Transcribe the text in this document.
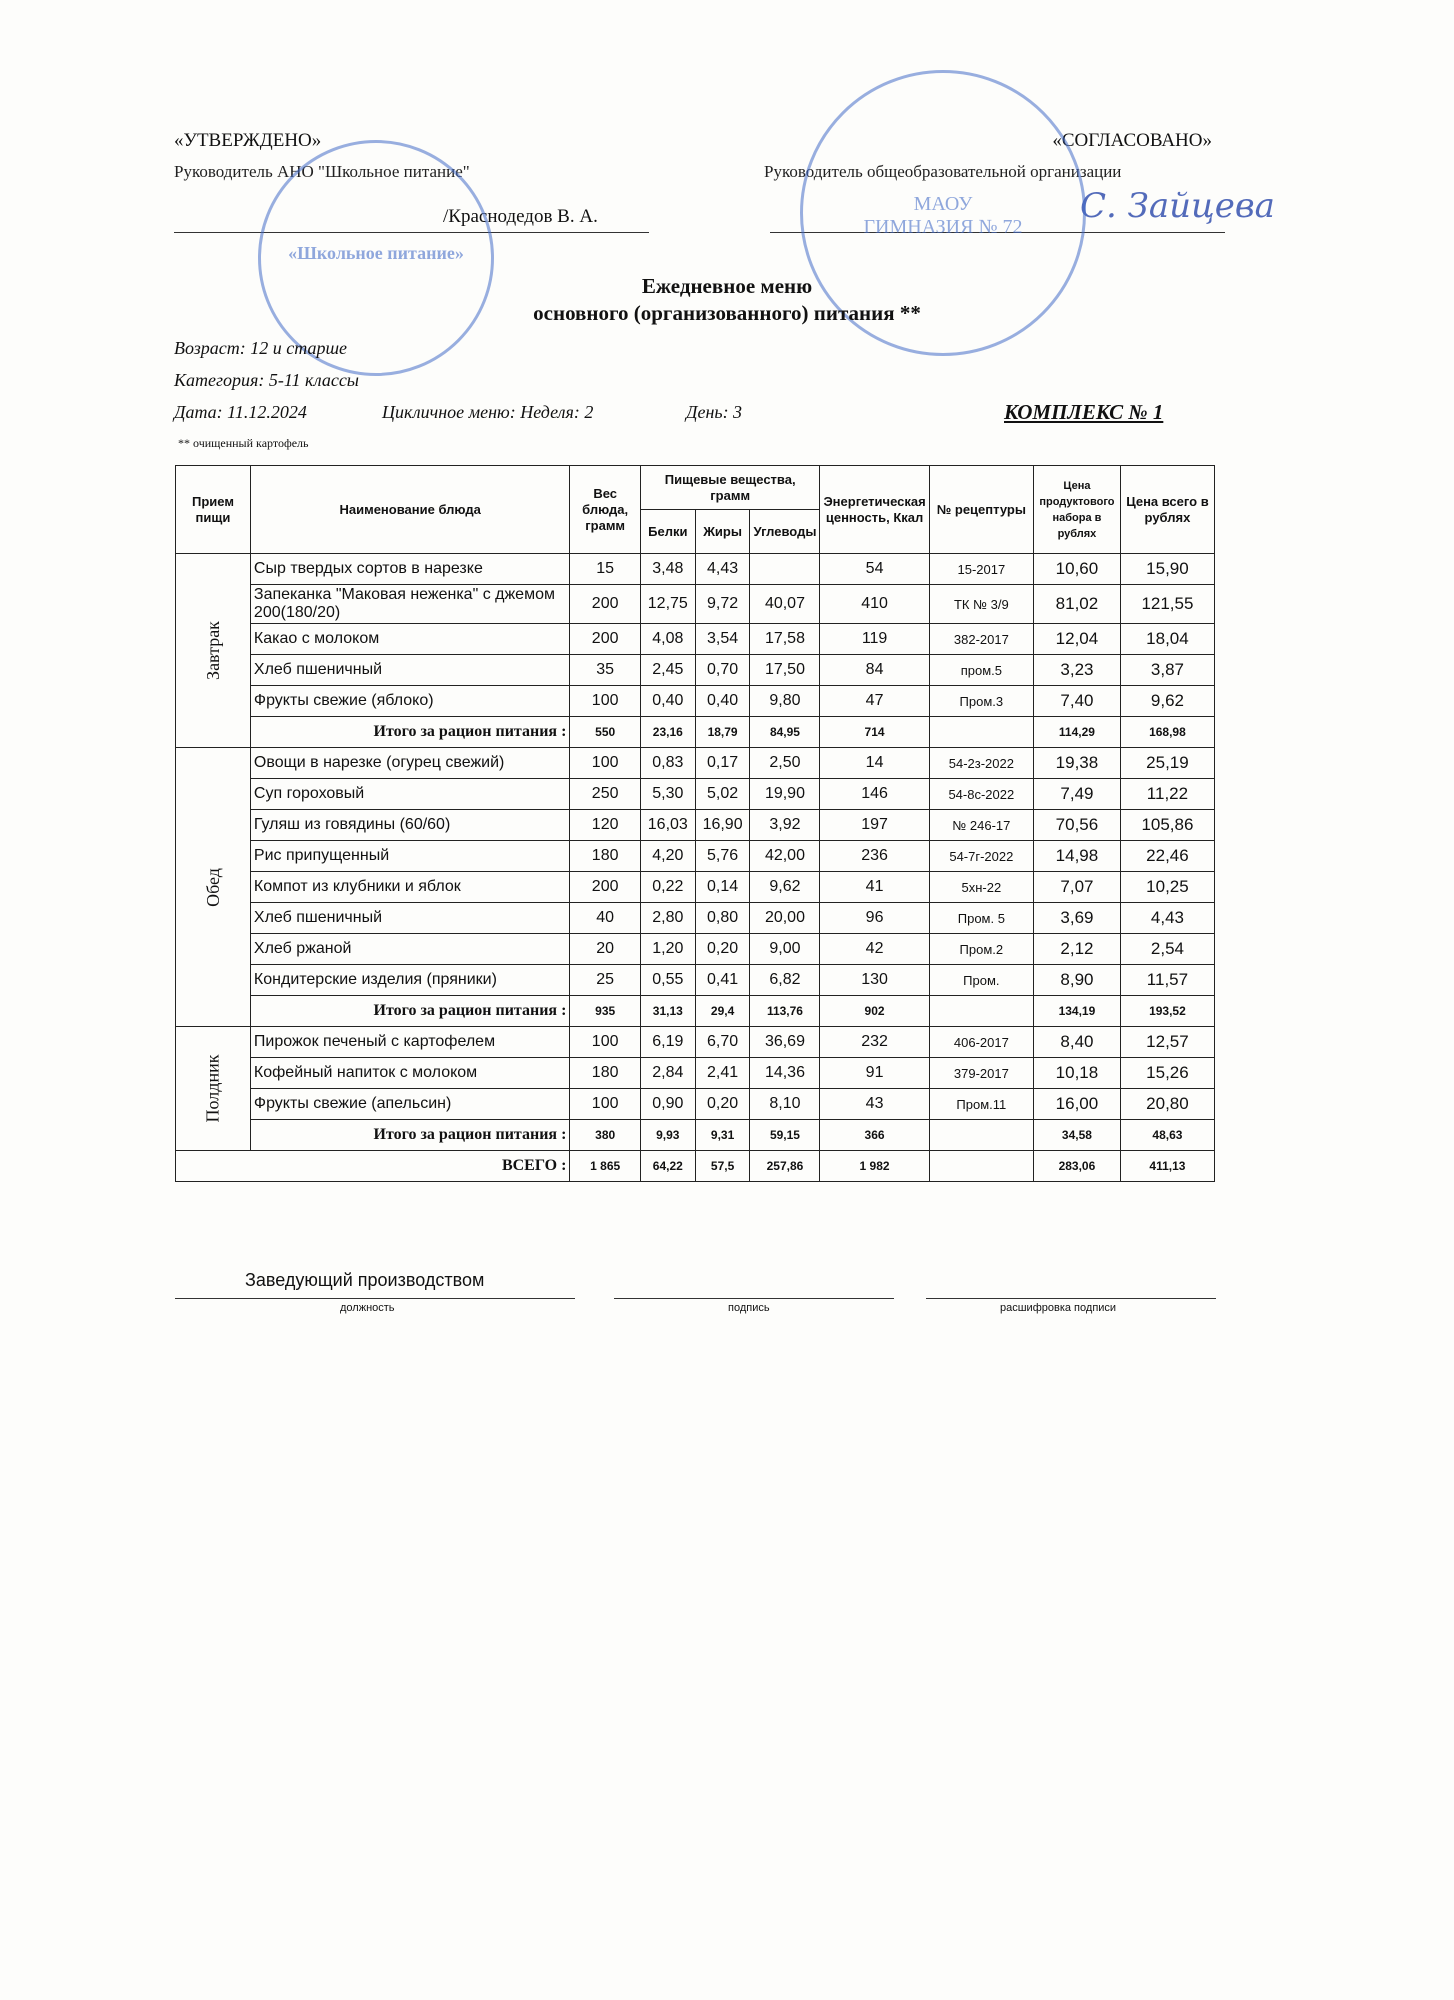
«УТВЕРЖДЕНО»
Руководитель АНО "Школьное питание"
/Краснодедов В. А.
«СОГЛАСОВАНО»
Руководитель общеобразовательной организации
С. Зайцева
«Школьное питание»
МАОУ ГИМНАЗИЯ № 72
Ежедневное меню
основного (организованного) питания **
Возраст: 12 и старше
Категория: 5-11 классы
Дата: 11.12.2024	Цикличное меню: Неделя: 2	День: 3	КОМПЛЕКС № 1
** очищенный картофель
Прием пищи	Наименование блюда	Вес блюда, грамм	Пищевые вещества, грамм			Энергетическая ценность, Ккал	№ рецептуры	Цена продуктового набора в рублях	Цена всего в рублях
			Белки	Жиры	Углеводы				
Завтрак	Сыр твердых сортов в нарезке	15	3,48	4,43		54	15-2017	10,60	15,90
	Запеканка "Маковая неженка" с джемом 200(180/20)	200	12,75	9,72	40,07	410	ТК № 3/9	81,02	121,55
	Какао с молоком	200	4,08	3,54	17,58	119	382-2017	12,04	18,04
	Хлеб пшеничный	35	2,45	0,70	17,50	84	пром.5	3,23	3,87
	Фрукты свежие (яблоко)	100	0,40	0,40	9,80	47	Пром.3	7,40	9,62
	Итого за рацион питания :	550	23,16	18,79	84,95	714		114,29	168,98
Обед	Овощи в нарезке (огурец свежий)	100	0,83	0,17	2,50	14	54-2з-2022	19,38	25,19
	Суп гороховый	250	5,30	5,02	19,90	146	54-8с-2022	7,49	11,22
	Гуляш из говядины (60/60)	120	16,03	16,90	3,92	197	№ 246-17	70,56	105,86
	Рис припущенный	180	4,20	5,76	42,00	236	54-7г-2022	14,98	22,46
	Компот из клубники и яблок	200	0,22	0,14	9,62	41	5хн-22	7,07	10,25
	Хлеб пшеничный	40	2,80	0,80	20,00	96	Пром. 5	3,69	4,43
	Хлеб ржаной	20	1,20	0,20	9,00	42	Пром.2	2,12	2,54
	Кондитерские изделия (пряники)	25	0,55	0,41	6,82	130	Пром.	8,90	11,57
	Итого за рацион питания :	935	31,13	29,4	113,76	902		134,19	193,52
Полдник	Пирожок печеный с картофелем	100	6,19	6,70	36,69	232	406-2017	8,40	12,57
	Кофейный напиток с молоком	180	2,84	2,41	14,36	91	379-2017	10,18	15,26
	Фрукты свежие (апельсин)	100	0,90	0,20	8,10	43	Пром.11	16,00	20,80
	Итого за рацион питания :	380	9,93	9,31	59,15	366		34,58	48,63
ВСЕГО :		1 865	64,22	57,5	257,86	1 982		283,06	411,13
Заведующий производством
должность	подпись	расшифровка подписи
